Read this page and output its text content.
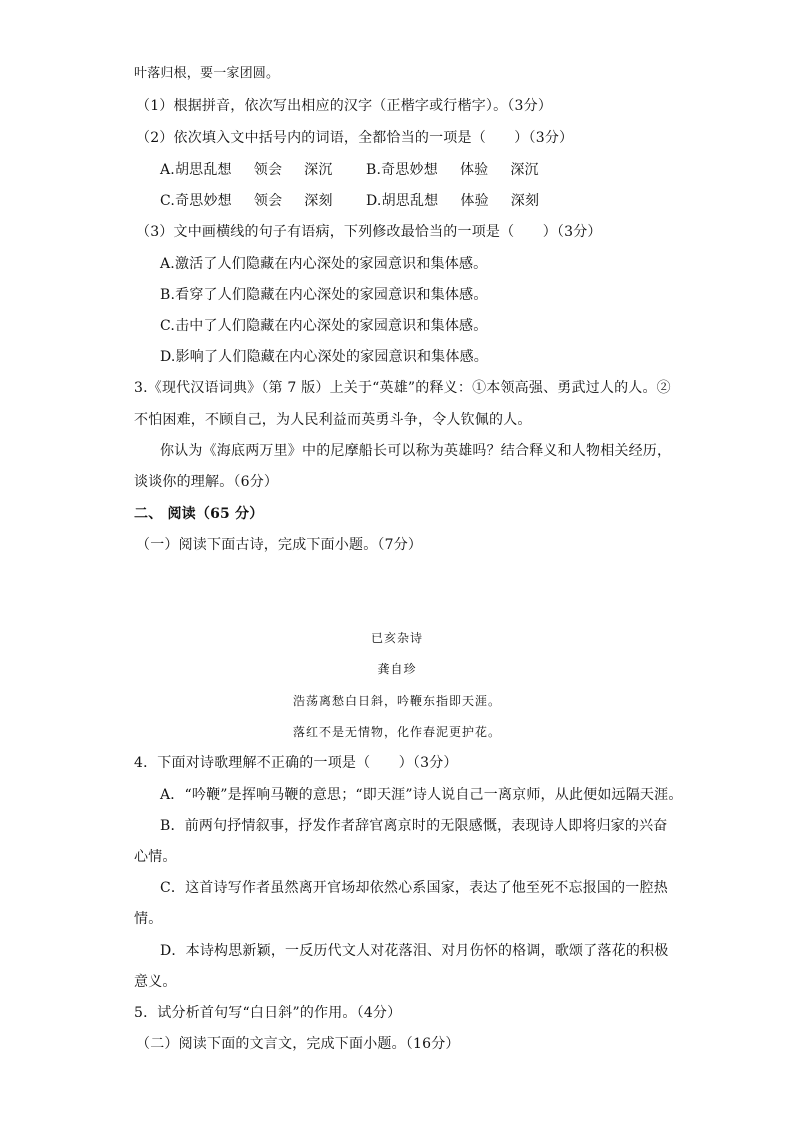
叶落归根，要一家团圆。
（1）根据拼音，依次写出相应的汉字（正楷字或行楷字）。（3分）
（2）依次填入文中括号内的词语，全都恰当的一项是（　　）（3分）
A.胡思乱想 领会 深沉 B.奇思妙想 体验 深沉
C.奇思妙想 领会 深刻 D.胡思乱想 体验 深刻
（3）文中画横线的句子有语病，下列修改最恰当的一项是（　　）（3分）
A.激活了人们隐藏在内心深处的家园意识和集体感。
B.看穿了人们隐藏在内心深处的家园意识和集体感。
C.击中了人们隐藏在内心深处的家园意识和集体感。
D.影响了人们隐藏在内心深处的家园意识和集体感。
3.《现代汉语词典》（第 7 版）上关于“英雄”的释义：①本领高强、勇武过人的人。②
不怕困难，不顾自己，为人民利益而英勇斗争，令人钦佩的人。
你认为《海底两万里》中的尼摩船长可以称为英雄吗？结合释义和人物相关经历，
谈谈你的理解。（6分）
二、 阅读（65 分）
（一）阅读下面古诗，完成下面小题。（7分）
已亥杂诗
龚自珍
浩荡离愁白日斜，吟鞭东指即天涯。
落红不是无情物，化作春泥更护花。
4．下面对诗歌理解不正确的一项是（　　）（3分）
A．“吟鞭”是挥响马鞭的意思；“即天涯”诗人说自己一离京师，从此便如远隔天涯。
B．前两句抒情叙事，抒发作者辞官离京时的无限感慨，表现诗人即将归家的兴奋
心情。
C．这首诗写作者虽然离开官场却依然心系国家，表达了他至死不忘报国的一腔热
情。
D．本诗构思新颖，一反历代文人对花落泪、对月伤怀的格调，歌颂了落花的积极
意义。
5．试分析首句写“白日斜”的作用。（4分）
（二）阅读下面的文言文，完成下面小题。（16分）
